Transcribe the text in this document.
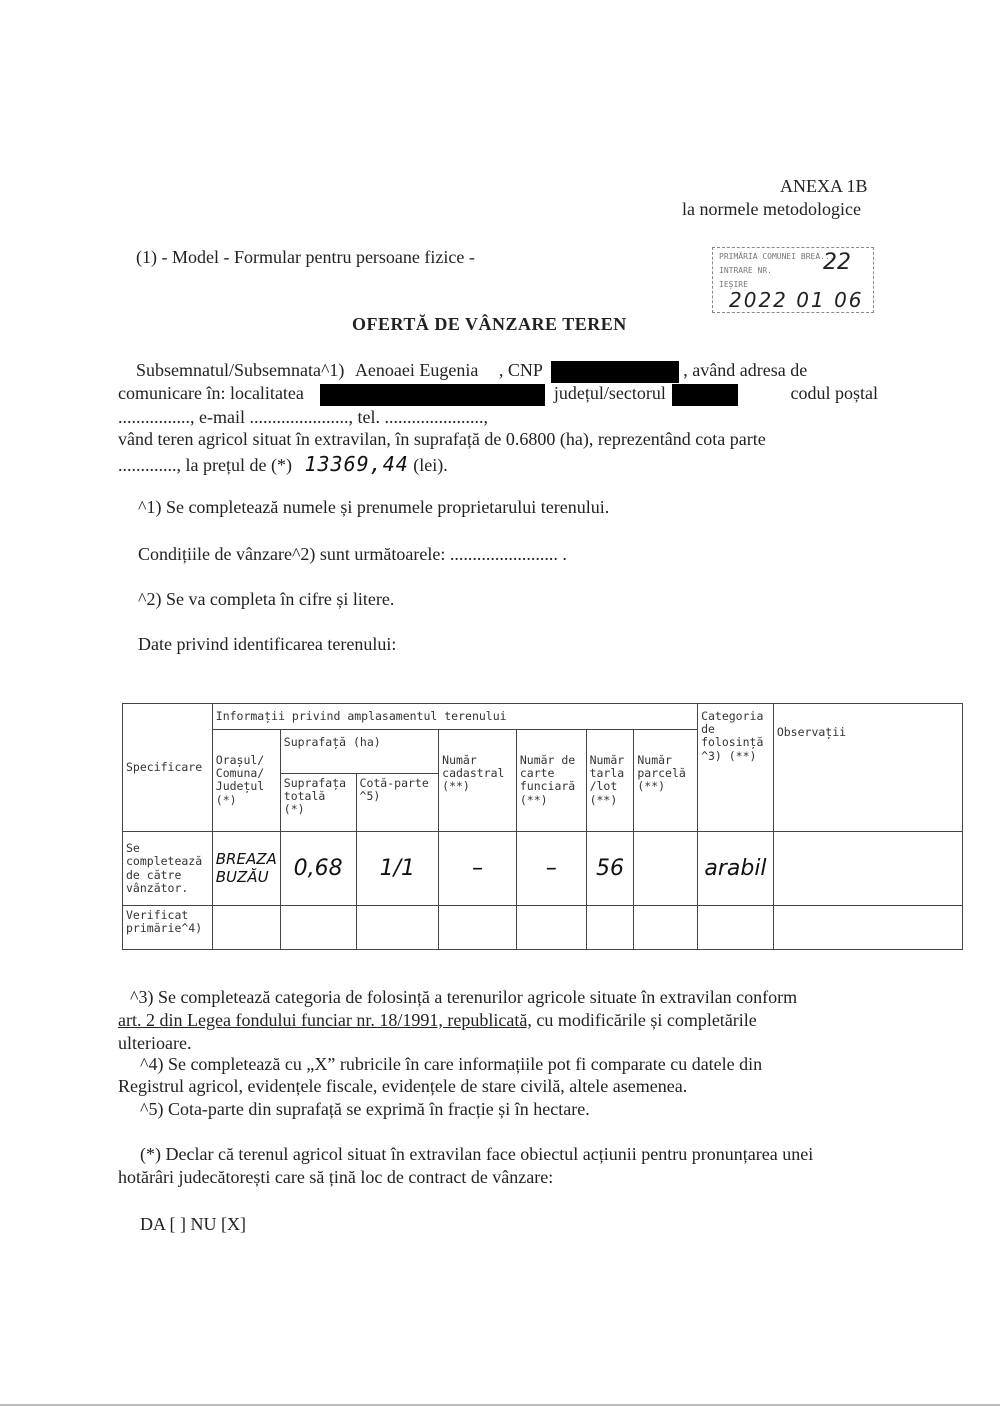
ANEXA 1B
la normele metodologice
(1) - Model - Formular pentru persoane fizice -	PRIMĂRIA COMUNEI BREA...
INTRARE NR.
IEȘIRE
22
2022 01 06
OFERTĂ DE VÂNZARE TEREN
Subsemnatul/Subsemnata^1) Aenoaei Eugenia , CNP	, având adresa de
comunicare în: localitatea	județul/sectorul	codul poștal
................, e-mail ......................, tel. ......................,
vând teren agricol situat în extravilan, în suprafață de 0.6800 (ha), reprezentând cota parte
............., la prețul de (*) 13369,44 (lei).
^1) Se completează numele și prenumele proprietarului terenului.
Condițiile de vânzare^2) sunt următoarele: ........................ .
^2) Se va completa în cifre și litere.
Date privind identificarea terenului:
Specificare	Informații privind amplasamentul terenului							Categoria de folosință ^3) (**)	Observații
	Orașul/ Comuna/ Județul (*)	Suprafață (ha)		Număr cadastral (**)	Număr de carte funciară (**)	Număr tarla /lot (**)	Număr parcelă (**)		
		Suprafața totală (*)	Cotă-parte ^5)						
Se completează de către vânzător.	BREAZA BUZĂU	0,68	1/1	–	–	56		arabil	
Verificat primărie^4)									
^3) Se completează categoria de folosință a terenurilor agricole situate în extravilan conform
art. 2 din Legea fondului funciar nr. 18/1991, republicată, cu modificările și completările
ulterioare.
^4) Se completează cu „X” rubricile în care informațiile pot fi comparate cu datele din
Registrul agricol, evidențele fiscale, evidențele de stare civilă, altele asemenea.
^5) Cota-parte din suprafață se exprimă în fracție și în hectare.
(*) Declar că terenul agricol situat în extravilan face obiectul acțiunii pentru pronunțarea unei
hotărâri judecătorești care să țină loc de contract de vânzare:
DA [ ] NU [X]
